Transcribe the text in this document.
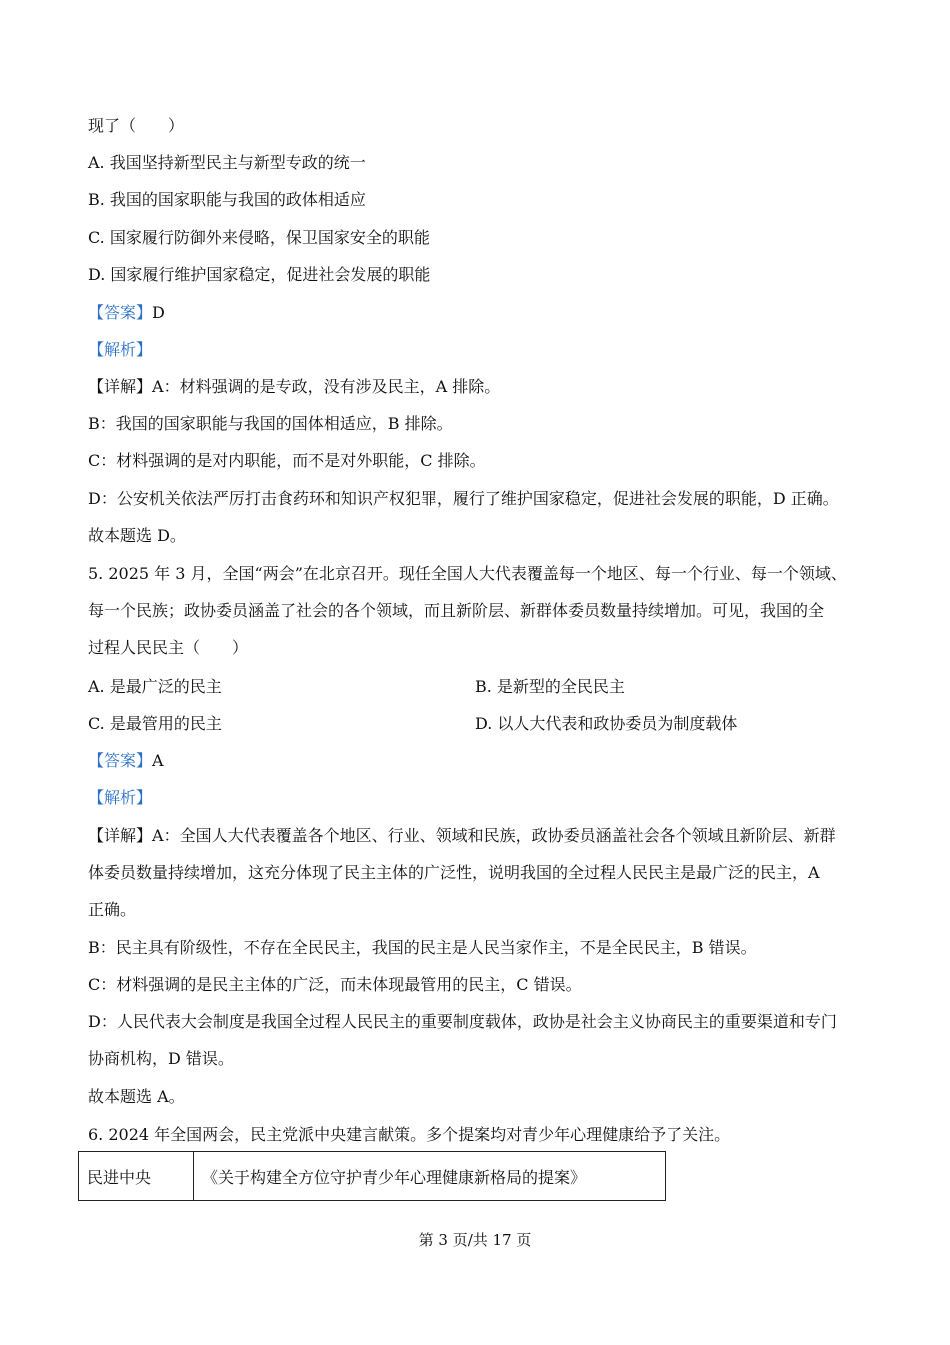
现了（　　）
A. 我国坚持新型民主与新型专政的统一
B. 我国的国家职能与我国的政体相适应
C. 国家履行防御外来侵略，保卫国家安全的职能
D. 国家履行维护国家稳定，促进社会发展的职能
【答案】D
【解析】
【详解】A：材料强调的是专政，没有涉及民主，A 排除。
B：我国的国家职能与我国的国体相适应，B 排除。
C：材料强调的是对内职能，而不是对外职能，C 排除。
D：公安机关依法严厉打击食药环和知识产权犯罪，履行了维护国家稳定，促进社会发展的职能，D 正确。
故本题选 D。
5. 2025 年 3 月，全国“两会”在北京召开。现任全国人大代表覆盖每一个地区、每一个行业、每一个领域、
每一个民族；政协委员涵盖了社会的各个领域，而且新阶层、新群体委员数量持续增加。可见，我国的全
过程人民民主（　　）
A. 是最广泛的民主	B. 是新型的全民民主
C. 是最管用的民主	D. 以人大代表和政协委员为制度载体
【答案】A
【解析】
【详解】A：全国人大代表覆盖各个地区、行业、领域和民族，政协委员涵盖社会各个领域且新阶层、新群
体委员数量持续增加，这充分体现了民主主体的广泛性，说明我国的全过程人民民主是最广泛的民主，A
正确。
B：民主具有阶级性，不存在全民民主，我国的民主是人民当家作主，不是全民民主，B 错误。
C：材料强调的是民主主体的广泛，而未体现最管用的民主，C 错误。
D：人民代表大会制度是我国全过程人民民主的重要制度载体，政协是社会主义协商民主的重要渠道和专门
协商机构，D 错误。
故本题选 A。
6. 2024 年全国两会，民主党派中央建言献策。多个提案均对青少年心理健康给予了关注。
民进中央	《关于构建全方位守护青少年心理健康新格局的提案》
第 3 页/共 17 页
